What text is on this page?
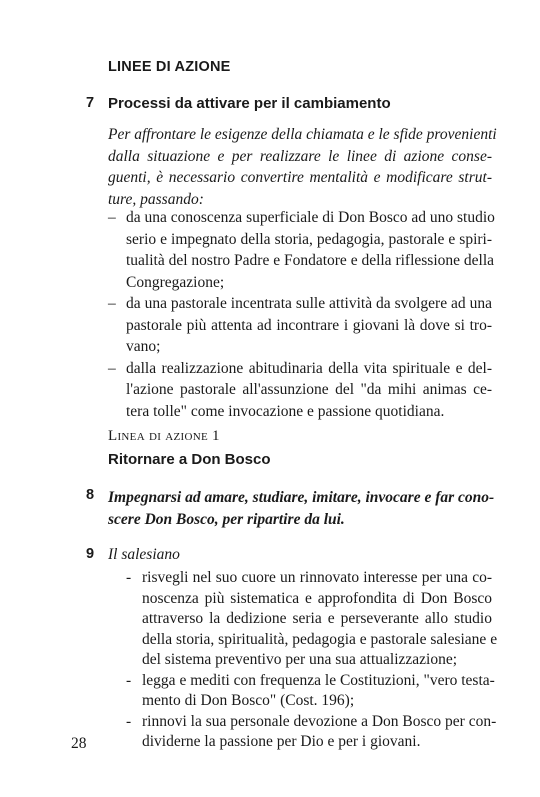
LINEE DI AZIONE
7 Processi da attivare per il cambiamento
Per affrontare le esigenze della chiamata e le sfide provenienti
dalla situazione e per realizzare le linee di azione conse-
guenti, è necessario convertire mentalità e modificare strut-
ture, passando:
– da una conoscenza superficiale di Don Bosco ad uno studio
serio e impegnato della storia, pedagogia, pastorale e spiri-
tualità del nostro Padre e Fondatore e della riflessione della
Congregazione;
– da una pastorale incentrata sulle attività da svolgere ad una
pastorale più attenta ad incontrare i giovani là dove si tro-
vano;
– dalla realizzazione abitudinaria della vita spirituale e del-
l'azione pastorale all'assunzione del "da mihi animas ce-
tera tolle" come invocazione e passione quotidiana.
Linea di azione 1
Ritornare a Don Bosco
8 Impegnarsi ad amare, studiare, imitare, invocare e far cono-
scere Don Bosco, per ripartire da lui.
9 Il salesiano
- risvegli nel suo cuore un rinnovato interesse per una co-
noscenza più sistematica e approfondita di Don Bosco
attraverso la dedizione seria e perseverante allo studio
della storia, spiritualità, pedagogia e pastorale salesiane e
del sistema preventivo per una sua attualizzazione;
- legga e mediti con frequenza le Costituzioni, "vero testa-
mento di Don Bosco" (Cost. 196);
- rinnovi la sua personale devozione a Don Bosco per con-
dividerne la passione per Dio e per i giovani.
28
